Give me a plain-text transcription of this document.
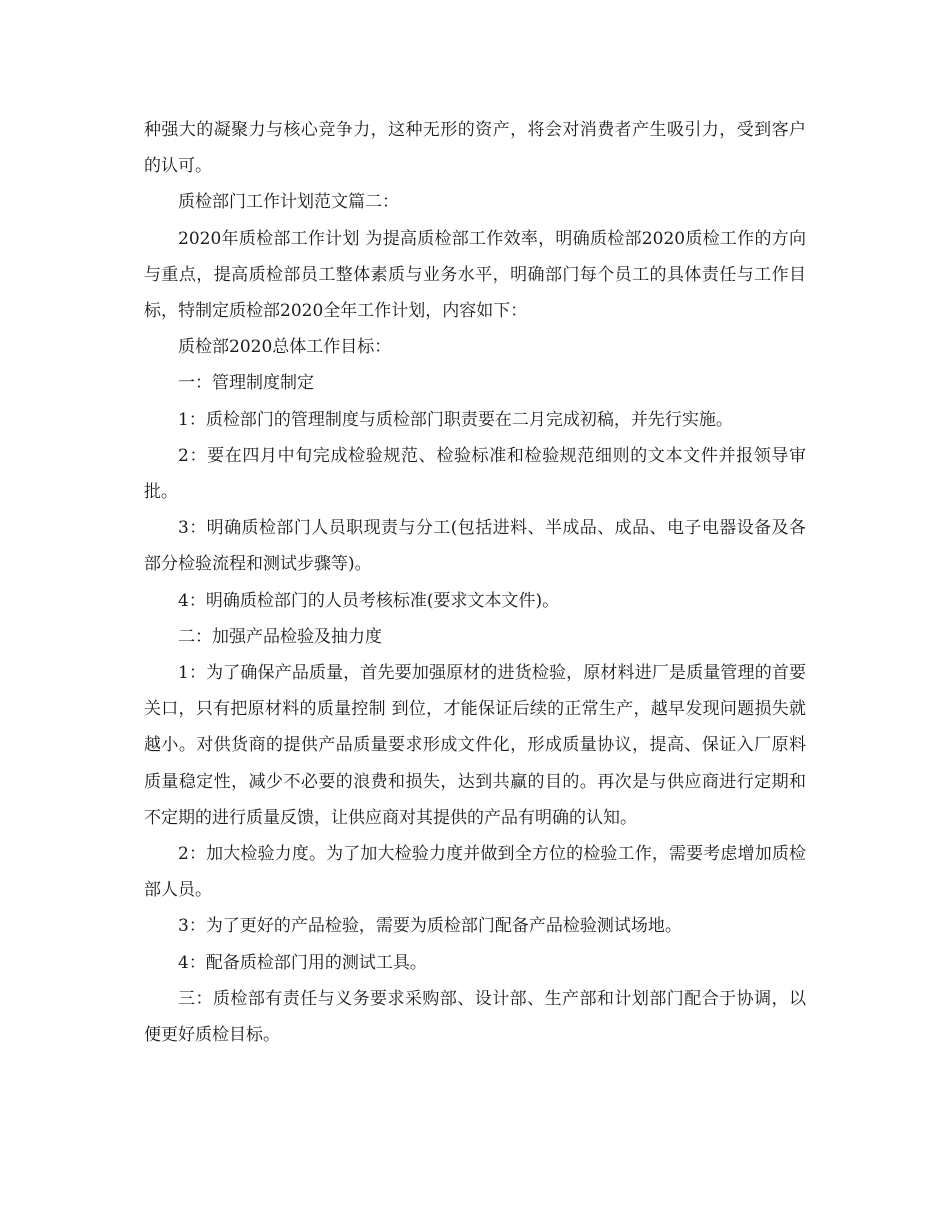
种强大的凝聚力与核心竞争力，这种无形的资产，将会对消费者产生吸引力，受到客户的认可。

质检部门工作计划范文篇二：

2020年质检部工作计划 为提高质检部工作效率，明确质检部2020质检工作的方向与重点，提高质检部员工整体素质与业务水平，明确部门每个员工的具体责任与工作目标，特制定质检部2020全年工作计划，内容如下：

质检部2020总体工作目标：

一：管理制度制定

1：质检部门的管理制度与质检部门职责要在二月完成初稿，并先行实施。

2：要在四月中旬完成检验规范、检验标准和检验规范细则的文本文件并报领导审批。

3：明确质检部门人员职现责与分工(包括进料、半成品、成品、电子电器设备及各部分检验流程和测试步骤等)。

4：明确质检部门的人员考核标准(要求文本文件)。

二：加强产品检验及抽力度

1：为了确保产品质量，首先要加强原材的进货检验，原材料进厂是质量管理的首要关口，只有把原材料的质量控制 到位，才能保证后续的正常生产，越早发现问题损失就越小。对供货商的提供产品质量要求形成文件化，形成质量协议，提高、保证入厂原料质量稳定性，减少不必要的浪费和损失，达到共赢的目的。再次是与供应商进行定期和不定期的进行质量反馈，让供应商对其提供的产品有明确的认知。

2：加大检验力度。为了加大检验力度并做到全方位的检验工作，需要考虑增加质检部人员。

3：为了更好的产品检验，需要为质检部门配备产品检验测试场地。

4：配备质检部门用的测试工具。

三：质检部有责任与义务要求采购部、设计部、生产部和计划部门配合于协调，以便更好质检目标。
